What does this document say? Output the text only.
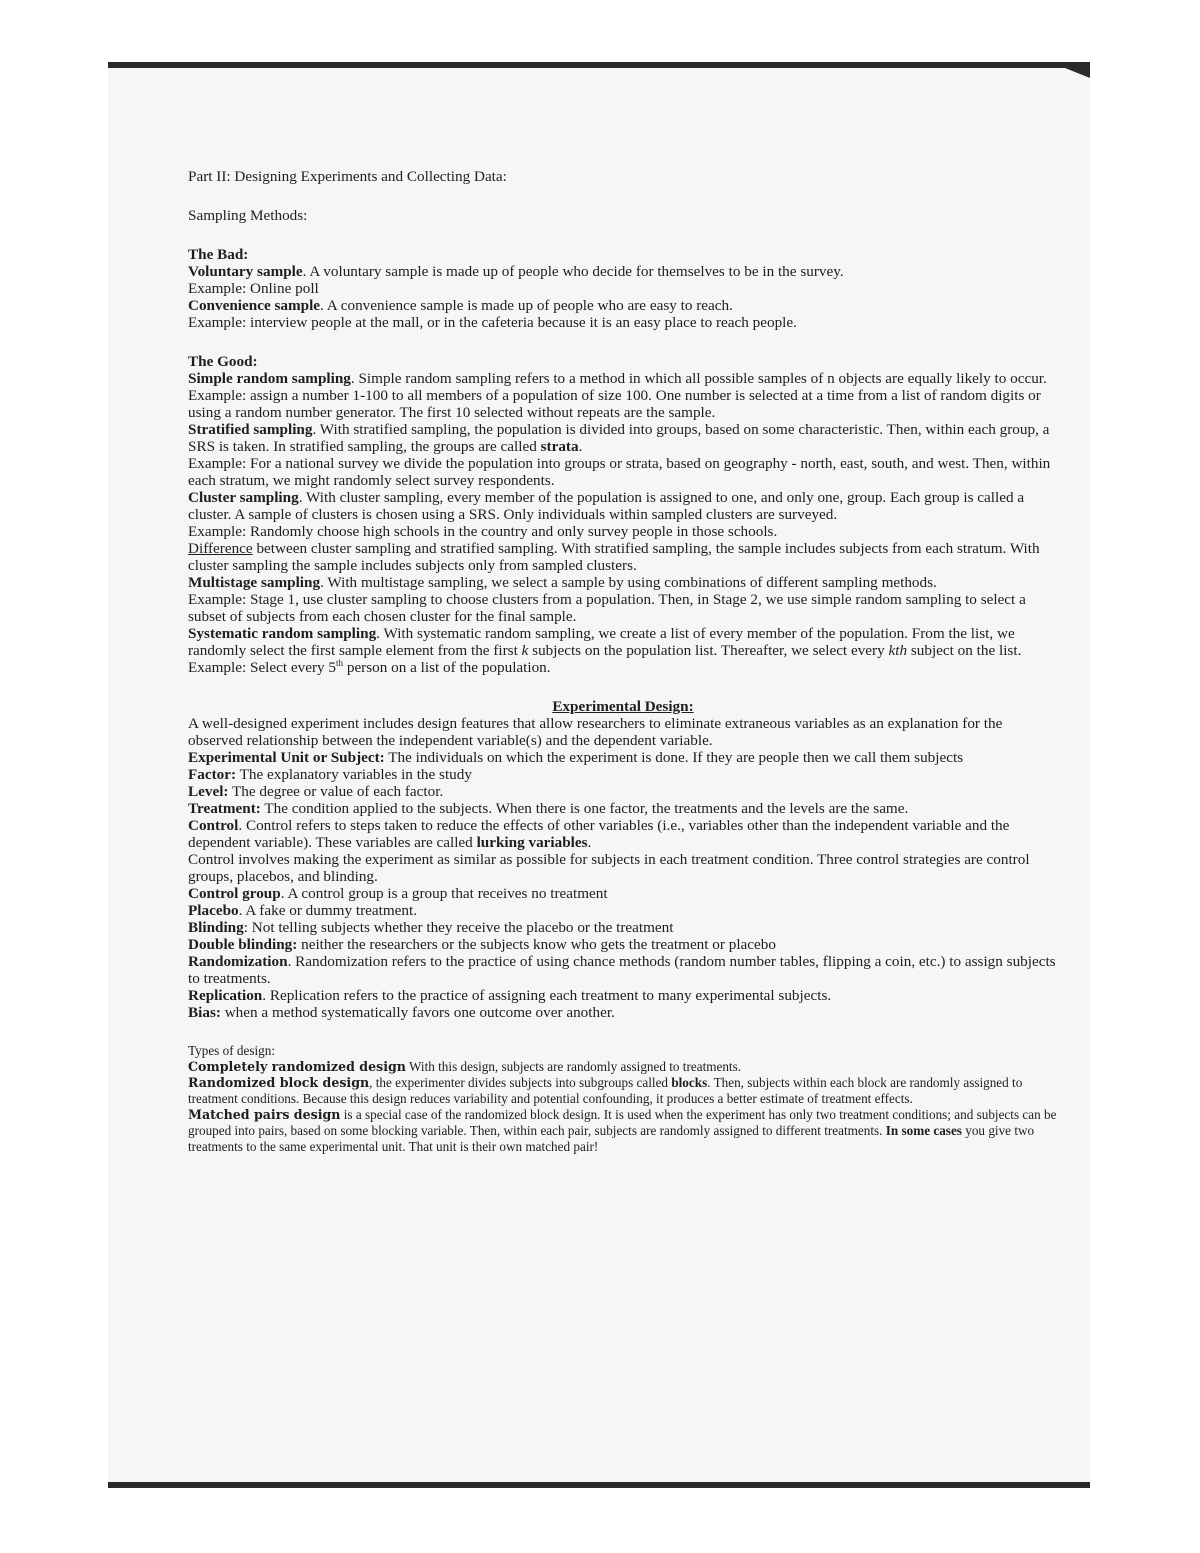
Part II: Designing Experiments and Collecting Data:

Sampling Methods:

The Bad:

Voluntary sample. A voluntary sample is made up of people who decide for themselves to be in the survey.

Example: Online poll

Convenience sample. A convenience sample is made up of people who are easy to reach.

Example: interview people at the mall, or in the cafeteria because it is an easy place to reach people.

The Good:

Simple random sampling. Simple random sampling refers to a method in which all possible samples of n objects are equally likely to occur.

Example: assign a number 1-100 to all members of a population of size 100. One number is selected at a time from a list of random digits or using a random number generator. The first 10 selected without repeats are the sample.

Stratified sampling. With stratified sampling, the population is divided into groups, based on some characteristic. Then, within each group, a SRS is taken. In stratified sampling, the groups are called strata.

Example: For a national survey we divide the population into groups or strata, based on geography - north, east, south, and west. Then, within each stratum, we might randomly select survey respondents.

Cluster sampling. With cluster sampling, every member of the population is assigned to one, and only one, group. Each group is called a cluster. A sample of clusters is chosen using a SRS. Only individuals within sampled clusters are surveyed.

Example: Randomly choose high schools in the country and only survey people in those schools.

Difference between cluster sampling and stratified sampling. With stratified sampling, the sample includes subjects from each stratum. With cluster sampling the sample includes subjects only from sampled clusters.

Multistage sampling. With multistage sampling, we select a sample by using combinations of different sampling methods.

Example: Stage 1, use cluster sampling to choose clusters from a population. Then, in Stage 2, we use simple random sampling to select a subset of subjects from each chosen cluster for the final sample.

Systematic random sampling. With systematic random sampling, we create a list of every member of the population. From the list, we randomly select the first sample element from the first k subjects on the population list. Thereafter, we select every kth subject on the list.

Example: Select every 5th person on a list of the population.

Experimental Design:

A well-designed experiment includes design features that allow researchers to eliminate extraneous variables as an explanation for the observed relationship between the independent variable(s) and the dependent variable.

Experimental Unit or Subject: The individuals on which the experiment is done. If they are people then we call them subjects

Factor: The explanatory variables in the study

Level: The degree or value of each factor.

Treatment: The condition applied to the subjects. When there is one factor, the treatments and the levels are the same.

Control. Control refers to steps taken to reduce the effects of other variables (i.e., variables other than the independent variable and the dependent variable). These variables are called lurking variables.

Control involves making the experiment as similar as possible for subjects in each treatment condition. Three control strategies are control groups, placebos, and blinding.

Control group. A control group is a group that receives no treatment

Placebo. A fake or dummy treatment.

Blinding: Not telling subjects whether they receive the placebo or the treatment

Double blinding: neither the researchers or the subjects know who gets the treatment or placebo

Randomization. Randomization refers to the practice of using chance methods (random number tables, flipping a coin, etc.) to assign subjects to treatments.

Replication. Replication refers to the practice of assigning each treatment to many experimental subjects.

Bias: when a method systematically favors one outcome over another.

Types of design:

Completely randomized design With this design, subjects are randomly assigned to treatments.

Randomized block design, the experimenter divides subjects into subgroups called blocks. Then, subjects within each block are randomly assigned to treatment conditions. Because this design reduces variability and potential confounding, it produces a better estimate of treatment effects.

Matched pairs design is a special case of the randomized block design. It is used when the experiment has only two treatment conditions; and subjects can be grouped into pairs, based on some blocking variable. Then, within each pair, subjects are randomly assigned to different treatments. In some cases you give two treatments to the same experimental unit. That unit is their own matched pair!
